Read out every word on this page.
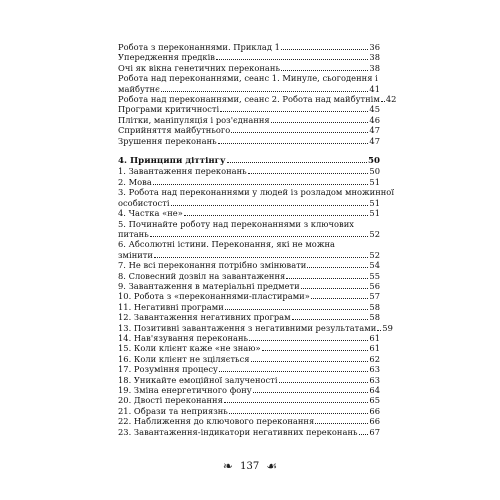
Робота з переконаннями. Приклад 1	36
Упередження предків	38
Очі як вікна генетичних переконань	38
Робота над переконаннями, сеанс 1. Минуле, сьогодення і
майбутнє	41
Робота над переконаннями, сеанс 2. Робота над майбутнім 42
Програми критичності	45
Плітки, маніпуляція і роз'єднання	46
Сприйняття майбутнього	47
Зрушення переконань	47
4. Принципи діттінгу	50
1. Завантаження переконань	50
2. Мова	51
3. Робота над переконаннями у людей із розладом множинної
особистості	51
4. Частка «не»	51
5. Починайте роботу над переконаннями з ключових
питань	52
6. Абсолютні істини. Переконання, які не можна
змінити	52
7. Не всі переконання потрібно змінювати	54
8. Словесний дозвіл на завантаження	55
9. Завантаження в матеріальні предмети	56
10. Робота з «переконаннями-пластирами»	57
11. Негативні програми	58
12. Завантаження негативних програм	58
13. Позитивні завантаження з негативними результатами 59
14. Нав'язування переконань	61
15. Коли клієнт каже «не знаю»	61
16. Коли клієнт не зціляється	62
17. Розуміння процесу	63
18. Уникайте емоційної залученості	63
19. Зміна енергетичного фону	64
20. Двості переконання	65
21. Образи та неприязнь	66
22. Наближення до ключового переконання	66
23. Завантаження-індикатори негативних переконань 67
❧ 137 ☙
